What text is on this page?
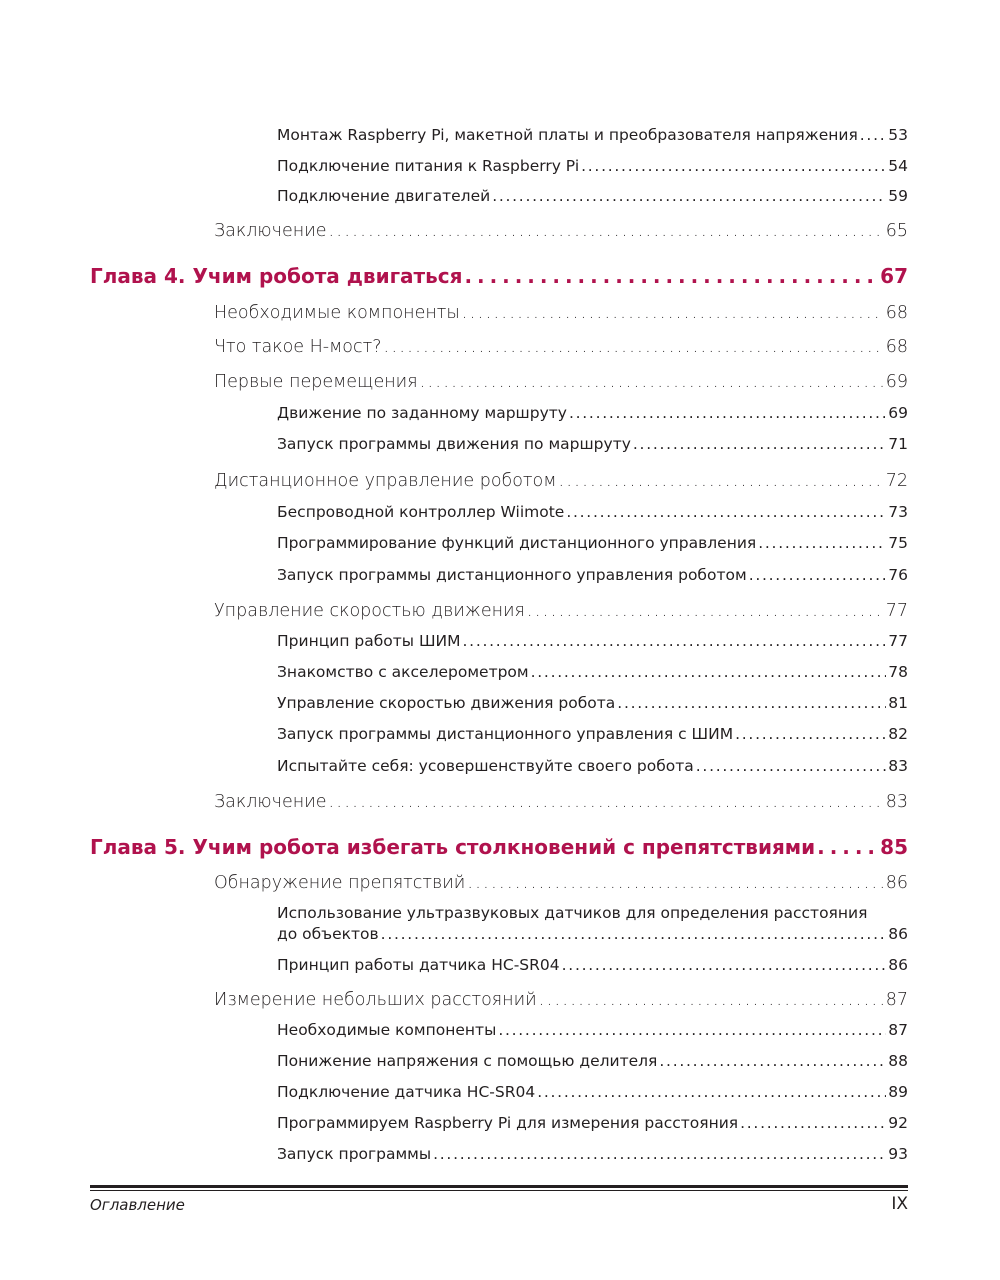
Монтаж Raspberry Pi, макетной платы и преобразователя напряжения . . . 53
Подключение питания к Raspberry Pi . . .	54
Подключение двигателей . . .	59
Заключение . . .	65
Глава 4. Учим робота двигаться . . .	67
Необходимые компоненты . . .	68
Что такое H-мост? . . .	68
Первые перемещения . . .	69
Движение по заданному маршруту . . .	69
Запуск программы движения по маршруту . . .	71
Дистанционное управление роботом . . .	72
Беспроводной контроллер Wiimote . . .	73
Программирование функций дистанционного управления . . .	75
Запуск программы дистанционного управления роботом . . .	76
Управление скоростью движения . . .	77
Принцип работы ШИМ . . .	77
Знакомство с акселерометром . . .	78
Управление скоростью движения робота . . .	81
Запуск программы дистанционного управления с ШИМ . . .	82
Испытайте себя: усовершенствуйте своего робота . . .	83
Заключение . . .	83
Глава 5. Учим робота избегать столкновений с препятствиями . . .	85
Обнаружение препятствий . . .	86
Использование ультразвуковых датчиков для определения расстояния
до объектов . . .	86
Принцип работы датчика HC-SR04 . . .	86
Измерение небольших расстояний . . .	87
Необходимые компоненты . . .	87
Понижение напряжения с помощью делителя . . .	88
Подключение датчика HC-SR04 . . .	89
Программируем Raspberry Pi для измерения расстояния . . .	92
Запуск программы . . .	93
Оглавление	IX
